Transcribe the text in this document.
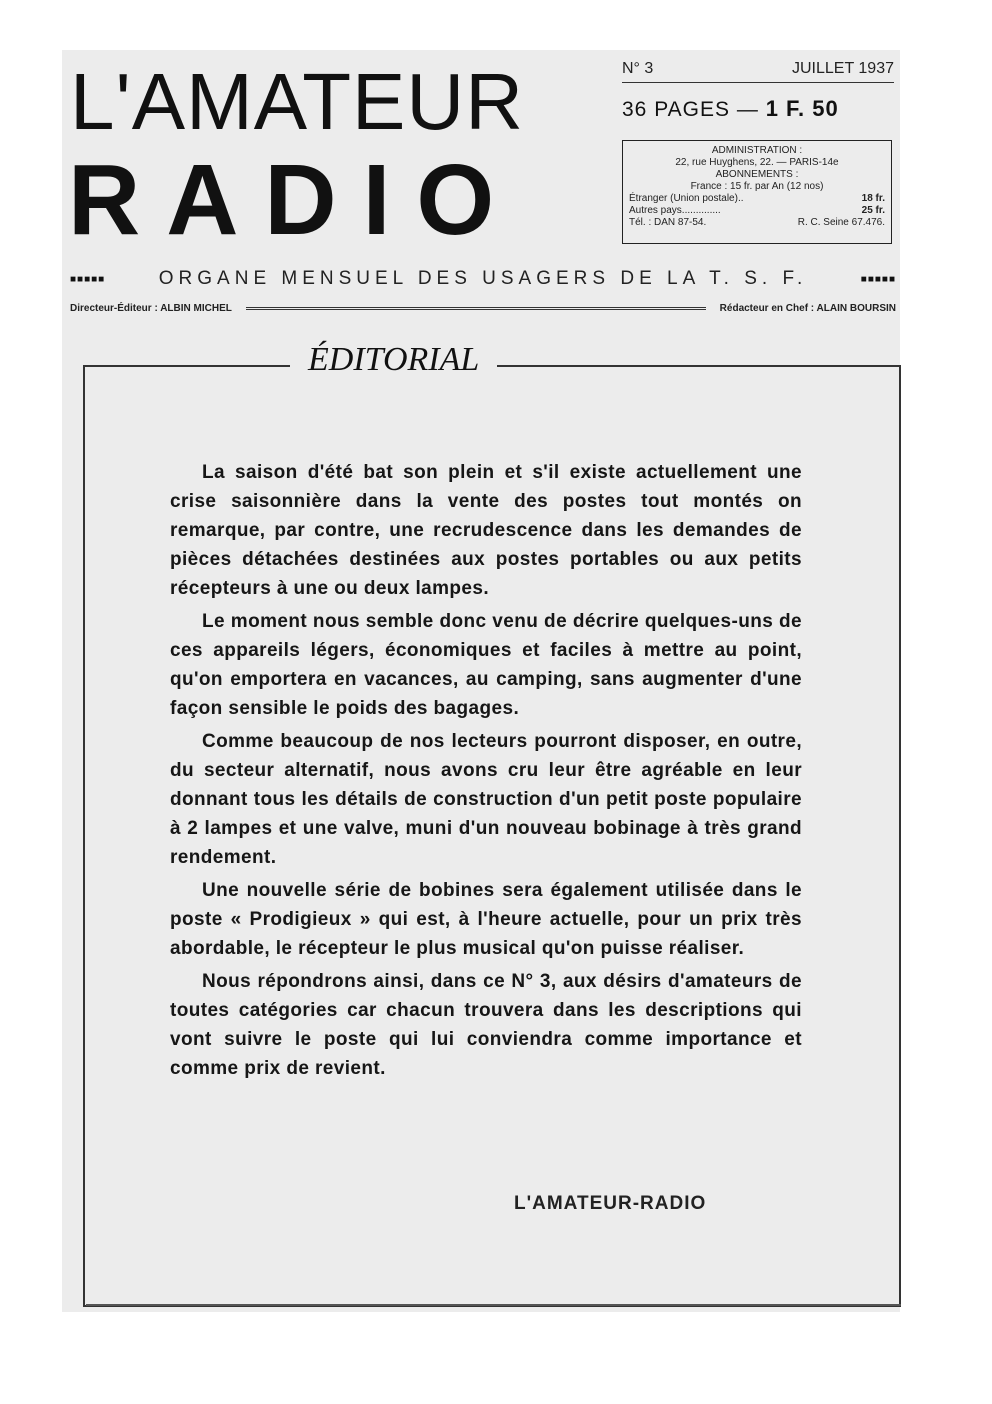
L'AMATEUR
RADIO
N° 3	JUILLET 1937
36 PAGES — 1 F. 50
ADMINISTRATION :
22, rue Huyghens, 22. — PARIS-14e
ABONNEMENTS :
France : 15 fr. par An (12 nos)
Étranger (Union postale)..	18 fr.
Autres pays..............	25 fr.
Tél. : DAN 87-54.	R. C. Seine 67.476.
■■■■■	ORGANE MENSUEL DES USAGERS DE LA T. S. F.	■■■■■
Directeur-Éditeur : ALBIN MICHEL	Rédacteur en Chef : ALAIN BOURSIN
ÉDITORIAL

La saison d'été bat son plein et s'il existe actuellement une crise saisonnière dans la vente des postes tout montés on remarque, par contre, une recrudescence dans les demandes de pièces détachées destinées aux postes portables ou aux petits récepteurs à une ou deux lampes.

Le moment nous semble donc venu de décrire quelques-uns de ces appareils légers, économiques et faciles à mettre au point, qu'on emportera en vacances, au camping, sans augmenter d'une façon sensible le poids des bagages.

Comme beaucoup de nos lecteurs pourront disposer, en outre, du secteur alternatif, nous avons cru leur être agréable en leur donnant tous les détails de construction d'un petit poste populaire à 2 lampes et une valve, muni d'un nouveau bobinage à très grand rendement.

Une nouvelle série de bobines sera également utilisée dans le poste « Prodigieux » qui est, à l'heure actuelle, pour un prix très abordable, le récepteur le plus musical qu'on puisse réaliser.

Nous répondrons ainsi, dans ce N° 3, aux désirs d'amateurs de toutes catégories car chacun trouvera dans les descriptions qui vont suivre le poste qui lui conviendra comme importance et comme prix de revient.

L'AMATEUR-RADIO
